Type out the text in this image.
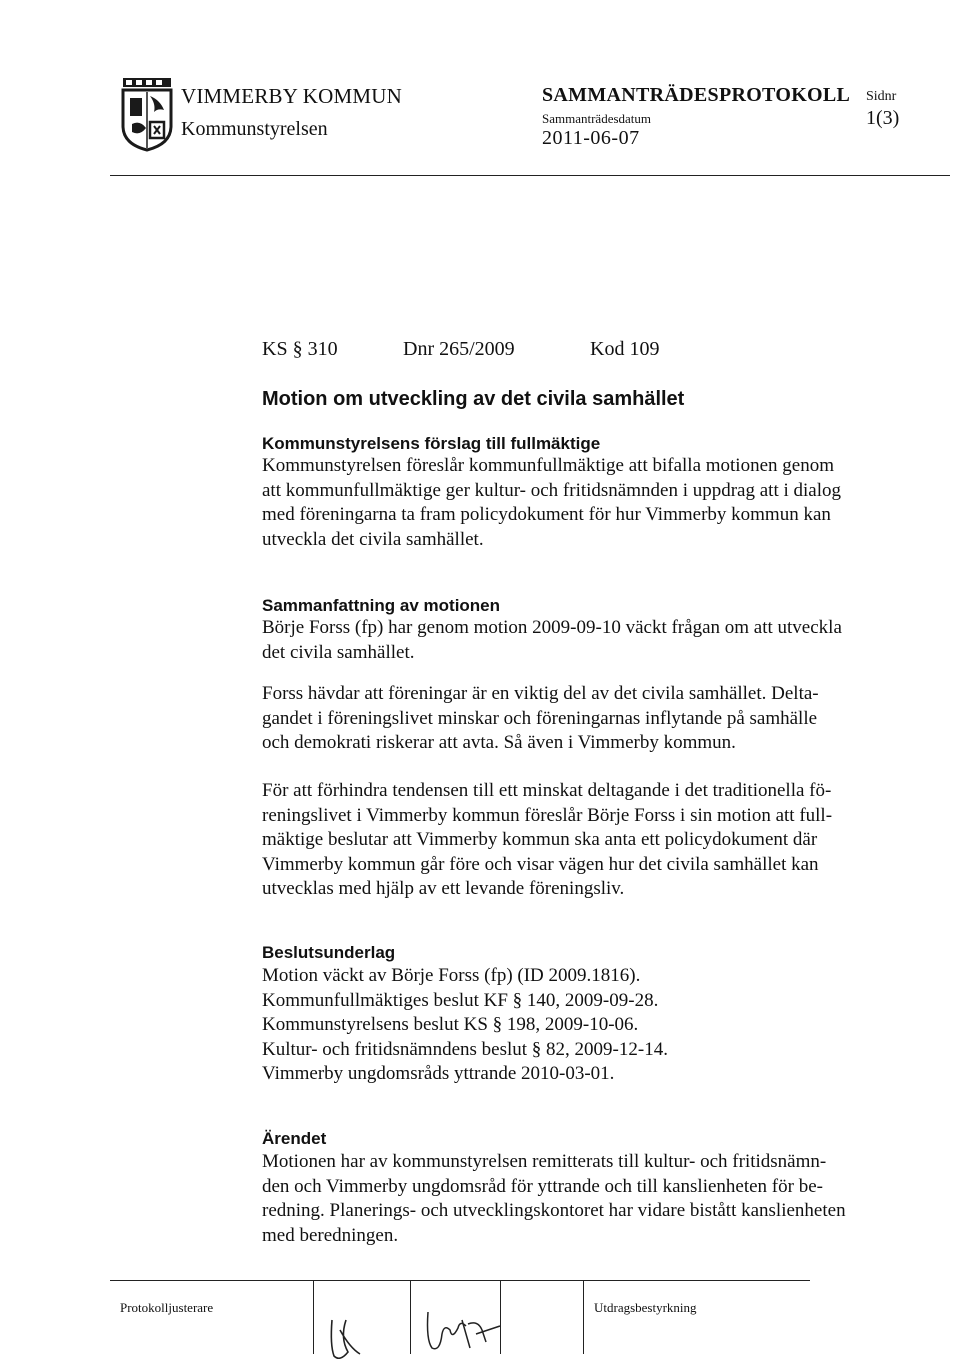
VIMMERBY KOMMUN
Kommunstyrelsen
SAMMANTRÄDESPROTOKOLL
Sammanträdesdatum
2011-06-07
Sidnr
1(3)
KS § 310	Dnr 265/2009	Kod 109
Motion om utveckling av det civila samhället
Kommunstyrelsens förslag till fullmäktige

Kommunstyrelsen föreslår kommunfullmäktige att bifalla motionen genom
att kommunfullmäktige ger kultur- och fritidsnämnden i uppdrag att i dialog
med föreningarna ta fram policydokument för hur Vimmerby kommun kan
utveckla det civila samhället.

Sammanfattning av motionen

Börje Forss (fp) har genom motion 2009-09-10 väckt frågan om att utveckla
det civila samhället.

Forss hävdar att föreningar är en viktig del av det civila samhället. Delta-
gandet i föreningslivet minskar och föreningarnas inflytande på samhälle
och demokrati riskerar att avta. Så även i Vimmerby kommun.

För att förhindra tendensen till ett minskat deltagande i det traditionella fö-
reningslivet i Vimmerby kommun föreslår Börje Forss i sin motion att full-
mäktige beslutar att Vimmerby kommun ska anta ett policydokument där
Vimmerby kommun går före och visar vägen hur det civila samhället kan
utvecklas med hjälp av ett levande föreningsliv.

Beslutsunderlag

Motion väckt av Börje Forss (fp) (ID 2009.1816).
Kommunfullmäktiges beslut KF § 140, 2009-09-28.
Kommunstyrelsens beslut KS § 198, 2009-10-06.
Kultur- och fritidsnämndens beslut § 82, 2009-12-14.
Vimmerby ungdomsråds yttrande 2010-03-01.

Ärendet

Motionen har av kommunstyrelsen remitterats till kultur- och fritidsnämn-
den och Vimmerby ungdomsråd för yttrande och till kanslienheten för be-
redning. Planerings- och utvecklingskontoret har vidare bistått kanslienheten
med beredningen.

Protokolljusterare	Utdragsbestyrkning
